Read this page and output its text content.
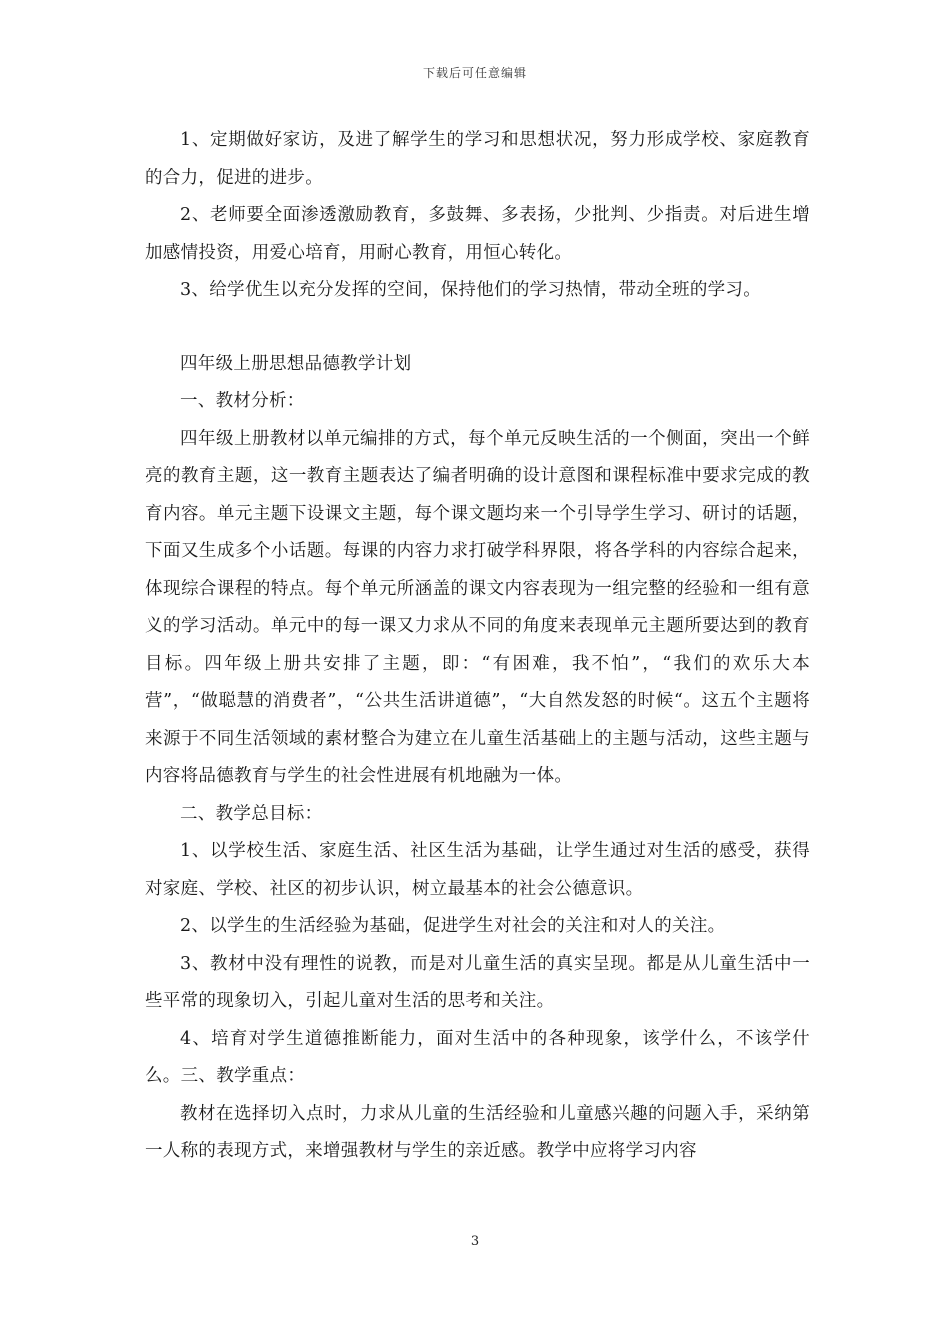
下载后可任意编辑

1、定期做好家访，及进了解学生的学习和思想状况，努力形成学校、家庭教育的合力，促进的进步。

2、老师要全面渗透激励教育，多鼓舞、多表扬，少批判、少指责。对后进生增加感情投资，用爱心培育，用耐心教育，用恒心转化。

3、给学优生以充分发挥的空间，保持他们的学习热情，带动全班的学习。

四年级上册思想品德教学计划

一、教材分析：

四年级上册教材以单元编排的方式，每个单元反映生活的一个侧面，突出一个鲜亮的教育主题，这一教育主题表达了编者明确的设计意图和课程标准中要求完成的教育内容。单元主题下设课文主题，每个课文题均来一个引导学生学习、研讨的话题，下面又生成多个小话题。每课的内容力求打破学科界限，将各学科的内容综合起来，体现综合课程的特点。每个单元所涵盖的课文内容表现为一组完整的经验和一组有意义的学习活动。单元中的每一课又力求从不同的角度来表现单元主题所要达到的教育目标。四年级上册共安排了主题，即：“有困难，我不怕”，“我们的欢乐大本营”，“做聪慧的消费者”，“公共生活讲道德”，“大自然发怒的时候“。这五个主题将来源于不同生活领域的素材整合为建立在儿童生活基础上的主题与活动，这些主题与内容将品德教育与学生的社会性进展有机地融为一体。

二、教学总目标：

1、以学校生活、家庭生活、社区生活为基础，让学生通过对生活的感受，获得对家庭、学校、社区的初步认识，树立最基本的社会公德意识。

2、以学生的生活经验为基础，促进学生对社会的关注和对人的关注。

3、教材中没有理性的说教，而是对儿童生活的真实呈现。都是从儿童生活中一些平常的现象切入，引起儿童对生活的思考和关注。

4、培育对学生道德推断能力，面对生活中的各种现象，该学什么，不该学什么。三、教学重点：

教材在选择切入点时，力求从儿童的生活经验和儿童感兴趣的问题入手，采纳第一人称的表现方式，来增强教材与学生的亲近感。教学中应将学习内容

3
